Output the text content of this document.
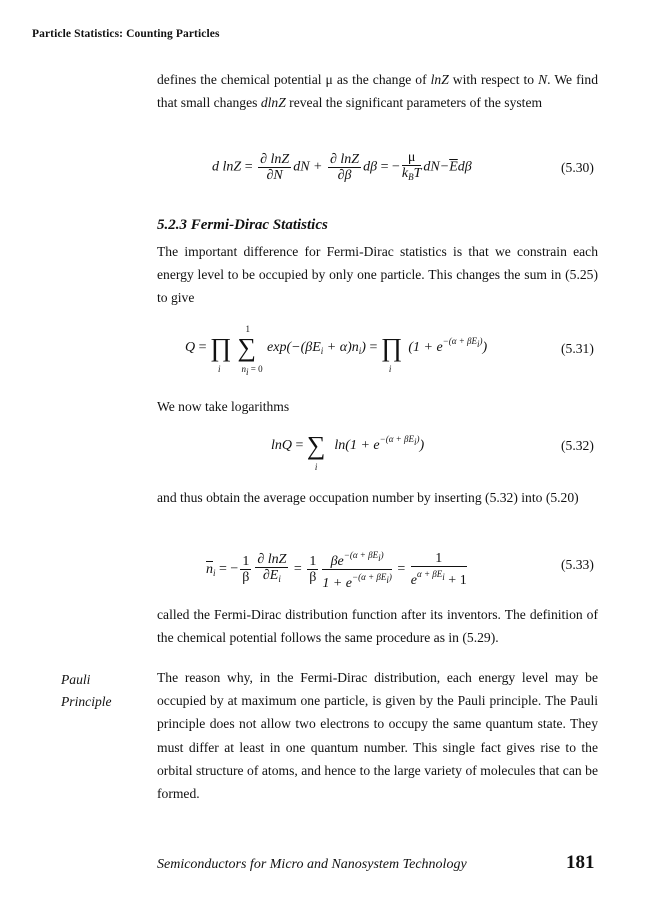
Particle Statistics: Counting Particles
defines the chemical potential μ as the change of lnZ with respect to N. We find that small changes dlnZ reveal the significant parameters of the system
d $\ln Z = \frac{\partial \ln Z}{\partial N}$ dN + $\frac{\partial \ln Z}{\partial\beta}$ dβ = − $\frac{\mu}{k_BT} dN-\overline{E}d\beta$	(5.30)
5.2.3 Fermi-Dirac Statistics
The important difference for Fermi-Dirac statistics is that we constrain each energy level to be occupied by only one particle. This changes the sum in (5.25) to give
Q = ∏
i

1
∑
$n_i = 0$
$\exp(-(\beta E_i + \alpha)n_i)$ = ∏
i
$(1 + e^{-(\alpha + \beta E_i)})$	(5.31)
We now take logarithms
lnQ = ∑
i
$\ln(1 + e^{-(\alpha + \beta E_i)})$	(5.32)
and thus obtain the average occupation number by inserting (5.32) into (5.20)
$\overline{n}_i$ = − $\frac{1}{\beta} \frac{\partial \ln Z}{\partial E_i} = \frac{1}{\beta} \frac{\beta e^{-(\alpha + \beta E_i)}}{1 + e^{-(\alpha + \beta E_i)}} = \frac{1}{e^{\alpha + \beta E_i} + 1}$	(5.33)
called the Fermi-Dirac distribution function after its inventors. The definition of the chemical potential follows the same procedure as in (5.29).
Pauli
Principle
The reason why, in the Fermi-Dirac distribution, each energy level may be occupied by at maximum one particle, is given by the Pauli principle. The Pauli principle does not allow two electrons to occupy the same quantum state. They must differ at least in one quantum number. This single fact gives rise to the orbital structure of atoms, and hence to the large variety of molecules that can be formed.
Semiconductors for Micro and Nanosystem Technology	181
